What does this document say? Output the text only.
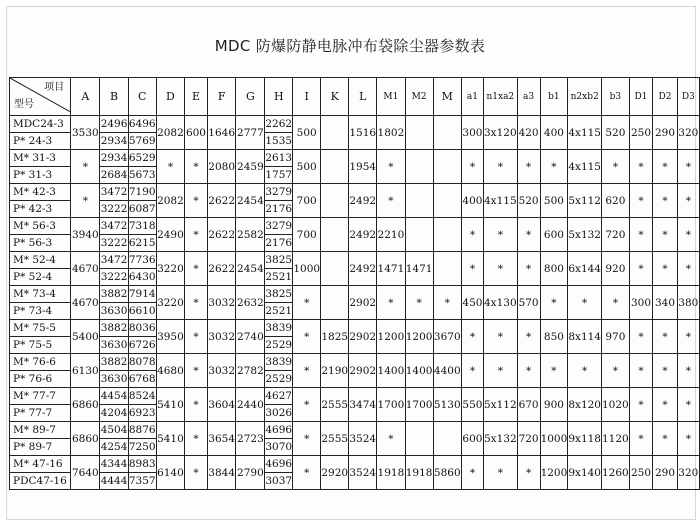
MDC 防爆防静电脉冲布袋除尘器参数表
项目
型号	A	B	C	D	E	F	G	H	I	K	L	M1	M2	M	a1	n1xa2	a3	b1	n2xb2	b3	D1	D2	D3
MDC24-3	3530	2496	6496	2082	600	1646	2777	2262	500		1516	1802			300	3x120	420	400	4x115	520	250	290	320
P* 24-3		2934	5769					1535															
M* 31-3	*	2934	6529	*	*	2080	2459	2613	500		1954	*			*	*	*	*	4x115	*	*	*	*
P* 31-3		2684	5673					1757															
M* 42-3	*	3472	7190	2082	*	2622	2454	3279	700		2492	*			400	4x115	520	500	5x112	620	*	*	*
P* 42-3		3222	6087					2176															
M* 56-3	3940	3472	7318	2490	*	2622	2582	3279	700		2492	2210			*	*	*	600	5x132	720	*	*	*
P* 56-3		3222	6215					2176															
M* 52-4	4670	3472	7736	3220	*	2622	2454	3825	1000		2492	1471	1471		*	*	*	800	6x144	920	*	*	*
P* 52-4		3222	6430					2521															
M* 73-4	4670	3882	7914	3220	*	3032	2632	3825	*		2902	*	*	*	450	4x130	570	*	*	*	300	340	380
P* 73-4		3630	6610					2521															
M* 75-5	5400	3882	8036	3950	*	3032	2740	3839	*	1825	2902	1200	1200	3670	*	*	*	850	8x114	970	*	*	*
P* 75-5		3630	6726					2529															
M* 76-6	6130	3882	8078	4680	*	3032	2782	3839	*	2190	2902	1400	1400	4400	*	*	*	*	*	*	*	*	*
P* 76-6		3630	6768					2529															
M* 77-7	6860	4454	8524	5410	*	3604	2440	4627	*	2555	3474	1700	1700	5130	550	5x112	670	900	8x120	1020	*	*	*
P* 77-7		4204	6923					3026															
M* 89-7	6860	4504	8876	5410	*	3654	2723	4696	*	2555	3524	*			600	5x132	720	1000	9x118	1120	*	*	*
P* 89-7		4254	7250					3070															
M* 47-16	7640	4344	8983	6140	*	3844	2790	4696	*	2920	3524	1918	1918	5860	*	*	*	1200	9x140	1260	250	290	320
PDC47-16		4444	7357					3037															
